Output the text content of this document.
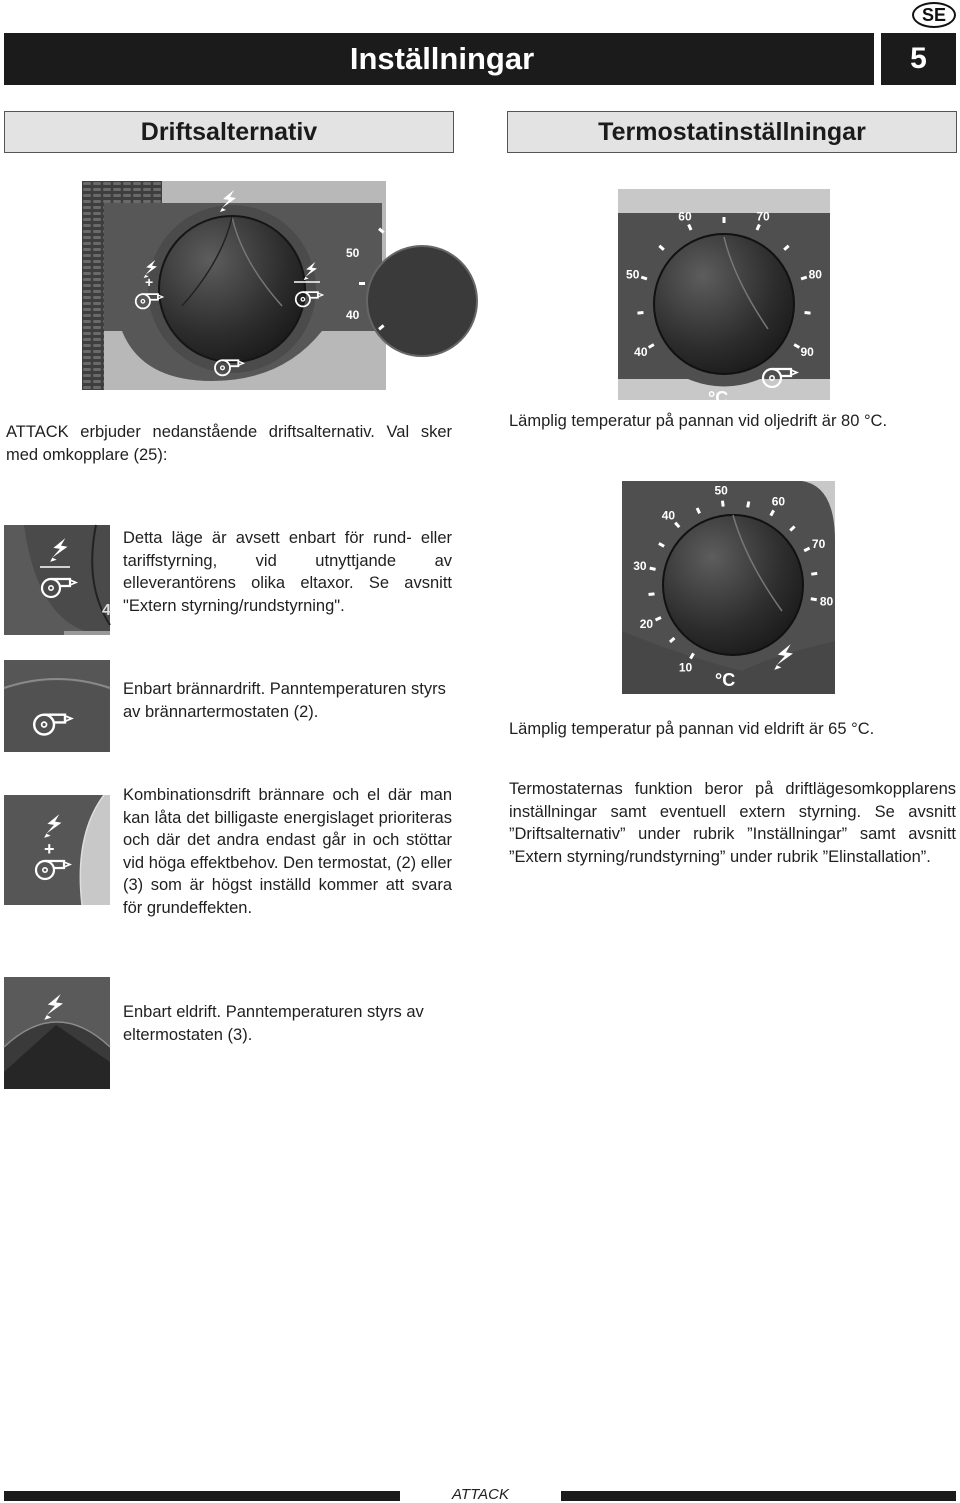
SE
Inställningar	5
Driftsalternativ	Termostatinställningar
+
50
40
ATTACK erbjuder nedanstående driftsalternativ. Val sker med omkopplare (25):
4
Detta läge är avsett enbart för rund- eller tariffstyrning, vid utnyttjande av elleverantörens olika eltaxor. Se avsnitt "Extern styrning/rundstyrning".
Enbart brännardrift. Panntemperaturen styrs av brännartermostaten (2).
+
Kombinationsdrift brännare och el där man kan låta det billigaste energislaget prioriteras och där det andra endast går in och stöttar vid höga effektbehov. Den termostat, (2) eller (3) som är högst inställd kommer att svara för grundeffekten.
Enbart eldrift. Panntemperaturen styrs av eltermostaten (3).
40
50
60	70
80
90
°C
Lämplig temperatur på pannan vid oljedrift är 80 °C.
10
20
30
40
50
60
70
80
°C
Lämplig temperatur på pannan vid eldrift är 65 °C.
Termostaternas funktion beror på driftlägesomkopplarens inställningar samt eventuell extern styrning. Se avsnitt ”Driftsalternativ” under rubrik ”Inställningar” samt avsnitt ”Extern styrning/rundstyrning” under rubrik ”Elinstallation”.
ATTACK
